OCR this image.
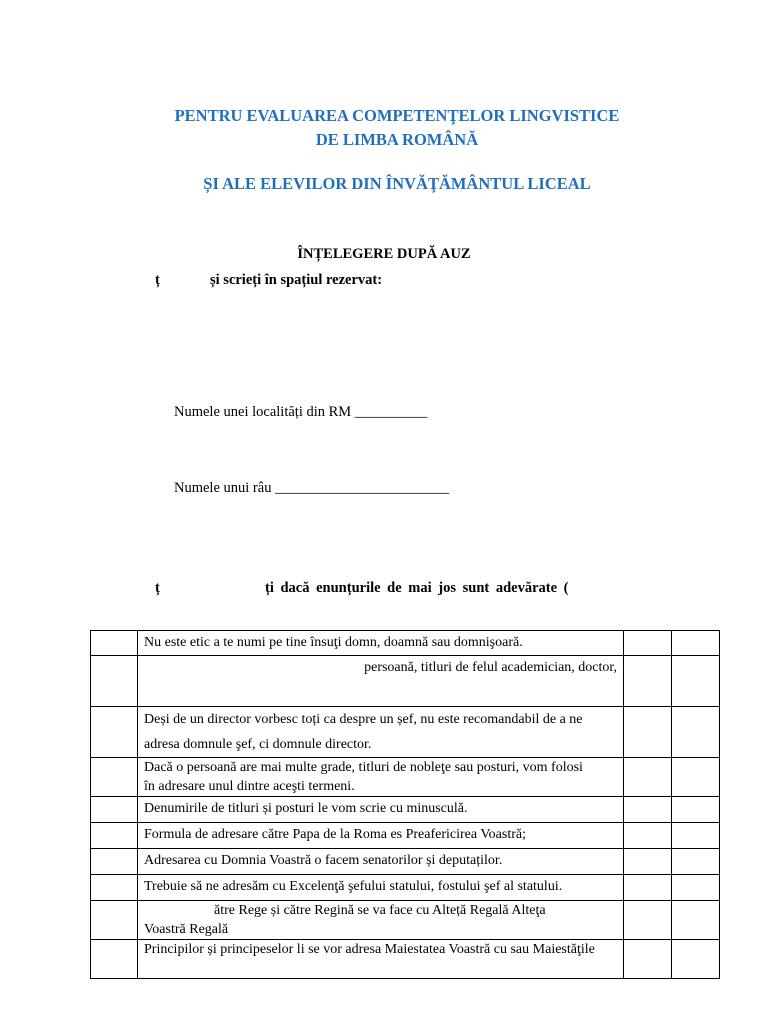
PENTRU EVALUAREA COMPETENŢELOR LINGVISTICE
DE LIMBA ROMÂNĂ
ȘI ALE ELEVILOR DIN ÎNVĂŢĂMÂNTUL LICEAL
ÎNȚELEGERE DUPĂ AUZ
ț	și scrieți în spațiul rezervat:
Numele unei localități din RM __________
Numele unui râu ________________________
ț	ți dacă enunțurile de mai jos sunt adevărate (
	Nu este etic a te numi pe tine însuţi domn, doamnă sau domnişoară.		
	persoană, titluri de felul academician, doctor,		

	Deși de un director vorbesc toți ca despre un șef, nu este recomandabil de a ne
adresa domnule şef, ci domnule director.		

	Dacă o persoană are mai multe grade, titluri de nobleţe sau posturi, vom folosi
în adresare unul dintre aceşti termeni.		

	Denumirile de titluri și posturi le vom scrie cu minusculă.		
	Formula de adresare către Papa de la Roma es Preafericirea Voastră;		
	Adresarea cu Domnia Voastră o facem senatorilor și deputaților.		
	Trebuie să ne adresăm cu Excelenţă şefului statului, fostului şef al statului.		

	ătre Rege și către Regină se va face cu Alteță Regală Alteţa
Voastră Regală		

	Principilor și principeselor li se vor adresa Maiestatea Voastră cu sau Maiestăţile		
